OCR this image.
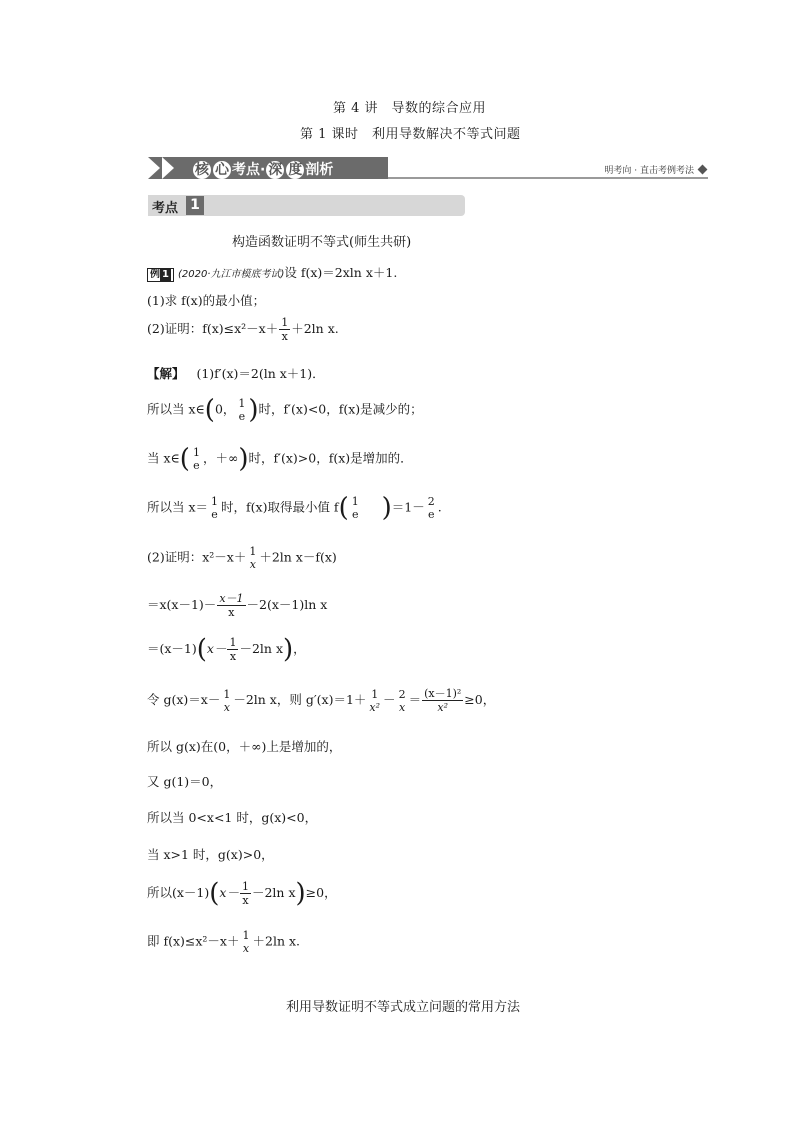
第 4 讲　导数的综合应用
第 1 课时　利用导数解决不等式问题
核 心 考点· 深 度 剖析	明考向 · 直击考例考法
考点 1
构造函数证明不等式(师生共研)
例 1 (2020·九江市模底考试)设 f(x)＝2xln x＋1.
(1)求 f(x)的最小值；
(2)证明：$f(x)\le x^2-x+ \frac{1}{x} +2\ln$ x.
【解】 (1)f′(x)＝2(ln x＋1)．
所以当 x∈(0， 1
e )时，f′(x)<0，f(x)是减少的；
当 x∈( 1
e ，＋∞)时，f′(x)>0，f(x)是增加的．
所以当 x＝ 1
e 时，f(x)取得最小值 f( 1
e )＝1－ 2
e .
(2)证明：x²－x＋ 1
x ＋2ln x－f(x)
$=x(x-1)- \frac{x-1}{x} -2(x-1)\ln$ x
$=(x-1)(x- \frac{1}{x} -2\ln$ x)，
令 g(x)＝x－ 1
x －2ln x，则 g′(x)＝1＋ 1
x² － 2
$x = \frac{\text{(x－1)²}}{\text{x²}} \ge 0$，
所以 g(x)在(0，＋∞)上是增加的，
又 g(1)＝0，
所以当 0<x<1 时，g(x)<0，
当 x>1 时，g(x)>0，
所以$(x-1)(x- \frac{1}{x} -2\ln$ x)≥0，
即 f(x)≤x²－x＋ 1
x ＋2ln x.
利用导数证明不等式成立问题的常用方法
